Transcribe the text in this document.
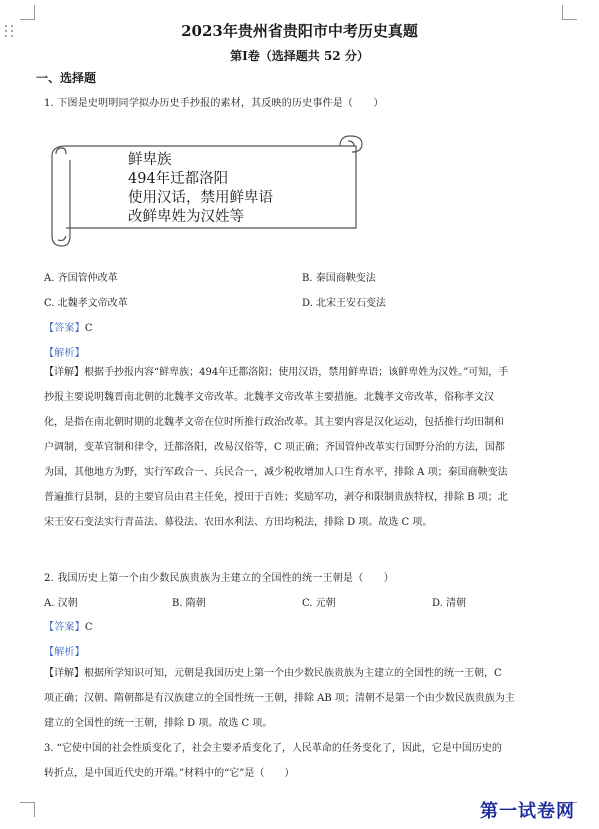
2023年贵州省贵阳市中考历史真题
第Ⅰ卷（选择题共 52 分）
一、选择题
1. 下图是史明明同学拟办历史手抄报的素材，其反映的历史事件是（　　）
鲜卑族
494年迁都洛阳
使用汉话，禁用鲜卑语
改鲜卑姓为汉姓等
A. 齐国管仲改革	B. 秦国商鞅变法
C. 北魏孝文帝改革	D. 北宋王安石变法
【答案】C
【解析】
【详解】根据手抄报内容“鲜卑族；494年迁都洛阳；使用汉语，禁用鲜卑语；该鲜卑姓为汉姓。”可知，手
抄报主要说明魏晋南北朝的北魏孝文帝改革。北魏孝文帝改革主要措施。北魏孝文帝改革，俗称孝文汉
化，是指在南北朝时期的北魏孝文帝在位时所推行政治改革。其主要内容是汉化运动，包括推行均田制和
户调制，变革官制和律令，迁都洛阳，改易汉俗等，C 项正确；齐国管仲改革实行国野分治的方法，国都
为国，其他地方为野，实行军政合一、兵民合一，减少税收增加人口生育水平，排除 A 项；秦国商鞅变法
普遍推行县制，县的主要官员由君主任免，授田于百姓；奖励军功，剥夺和限制贵族特权，排除 B 项；北
宋王安石变法实行青苗法、募役法、农田水利法、方田均税法，排除 D 项。故选 C 项。
2. 我国历史上第一个由少数民族贵族为主建立的全国性的统一王朝是（　　）
A. 汉朝	B. 隋朝	C. 元朝	D. 清朝
【答案】C
【解析】
【详解】根据所学知识可知，元朝是我国历史上第一个由少数民族贵族为主建立的全国性的统一王朝，C
项正确；汉朝、隋朝都是有汉族建立的全国性统一王朝，排除 AB 项；清朝不是第一个由少数民族贵族为主
建立的全国性的统一王朝，排除 D 项。故选 C 项。
3. “它使中国的社会性质变化了，社会主要矛盾变化了，人民革命的任务变化了，因此，它是中国历史的
转折点，是中国近代史的开端。”材料中的“它”是（　　）
第一试卷网
